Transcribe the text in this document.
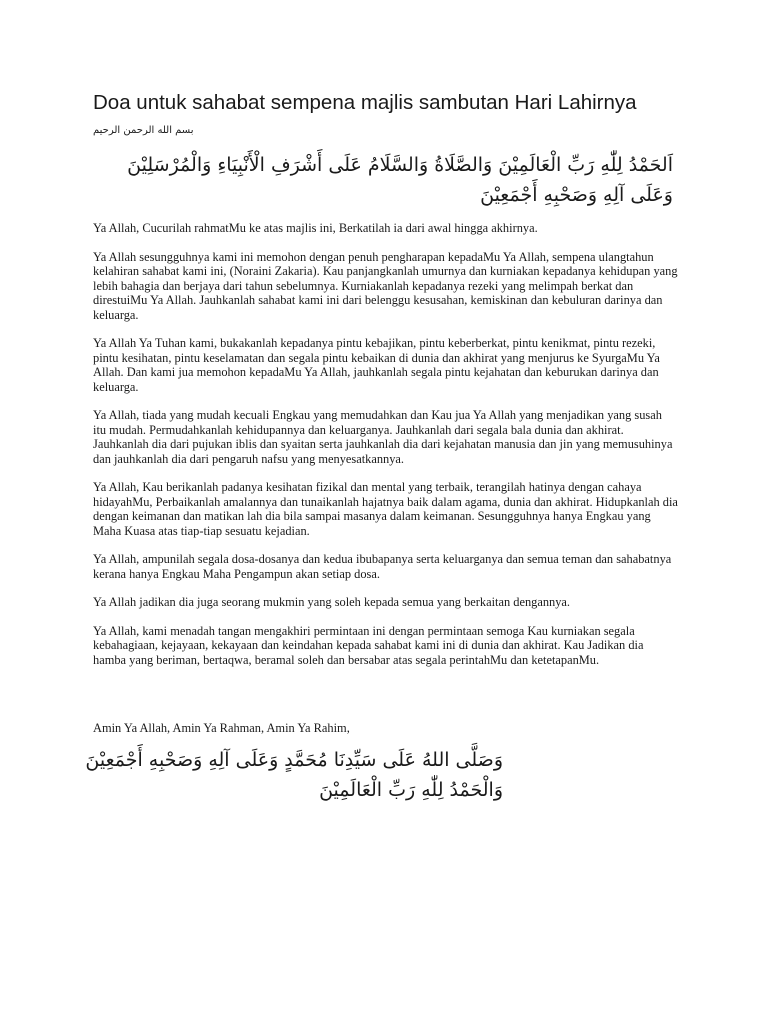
Doa untuk sahabat sempena majlis sambutan Hari Lahirnya
بسم الله الرحمن الرحيم
اَلحَمْدُ لِلّٰهِ رَبِّ الْعَالَمِيْنَ وَالصَّلَاةُ وَالسَّلَامُ عَلَى أَشْرَفِ الْأَنْبِيَاءِ وَالْمُرْسَلِيْنَ
وَعَلَى آلِهِ وَصَحْبِهِ أَجْمَعِيْنَ

Ya Allah, Cucurilah rahmatMu ke atas majlis ini, Berkatilah ia dari awal hingga akhirnya.

Ya Allah sesungguhnya kami ini memohon dengan penuh pengharapan kepadaMu Ya Allah, sempena ulangtahun kelahiran sahabat kami ini, (Noraini Zakaria). Kau panjangkanlah umurnya dan kurniakan kepadanya kehidupan yang lebih bahagia dan berjaya dari tahun sebelumnya. Kurniakanlah kepadanya rezeki yang melimpah berkat dan direstuiMu Ya Allah. Jauhkanlah sahabat kami ini dari belenggu kesusahan, kemiskinan dan kebuluran darinya dan keluarga.

Ya Allah Ya Tuhan kami, bukakanlah kepadanya pintu kebajikan, pintu keberberkat, pintu kenikmat, pintu rezeki, pintu kesihatan, pintu keselamatan dan segala pintu kebaikan di dunia dan akhirat yang menjurus ke SyurgaMu Ya Allah. Dan kami jua memohon kepadaMu Ya Allah, jauhkanlah segala pintu kejahatan dan keburukan darinya dan keluarga.

Ya Allah, tiada yang mudah kecuali Engkau yang memudahkan dan Kau jua Ya Allah yang menjadikan yang susah itu mudah. Permudahkanlah kehidupannya dan keluarganya. Jauhkanlah dari segala bala dunia dan akhirat. Jauhkanlah dia dari pujukan iblis dan syaitan serta jauhkanlah dia dari kejahatan manusia dan jin yang memusuhinya dan jauhkanlah dia dari pengaruh nafsu yang menyesatkannya.

Ya Allah, Kau berikanlah padanya kesihatan fizikal dan mental yang terbaik, terangilah hatinya dengan cahaya hidayahMu, Perbaikanlah amalannya dan tunaikanlah hajatnya baik dalam agama, dunia dan akhirat. Hidupkanlah dia dengan keimanan dan matikan lah dia bila sampai masanya dalam keimanan. Sesungguhnya hanya Engkau yang Maha Kuasa atas tiap-tiap sesuatu kejadian.

Ya Allah, ampunilah segala dosa-dosanya dan kedua ibubapanya serta keluarganya dan semua teman dan sahabatnya kerana hanya Engkau Maha Pengampun akan setiap dosa.

Ya Allah jadikan dia juga seorang mukmin yang soleh kepada semua yang berkaitan dengannya.

Ya Allah, kami menadah tangan mengakhiri permintaan ini dengan permintaan semoga Kau kurniakan segala kebahagiaan, kejayaan, kekayaan dan keindahan kepada sahabat kami ini di dunia dan akhirat. Kau Jadikan dia hamba yang beriman, bertaqwa, beramal soleh dan bersabar atas segala perintahMu dan ketetapanMu.

Amin Ya Allah, Amin Ya Rahman, Amin Ya Rahim,
وَصَلَّى اللهُ عَلَى سَيِّدِنَا مُحَمَّدٍ وَعَلَى آلِهِ وَصَحْبِهِ أَجْمَعِيْنَ
وَالْحَمْدُ لِلّٰهِ رَبِّ الْعَالَمِيْنَ
